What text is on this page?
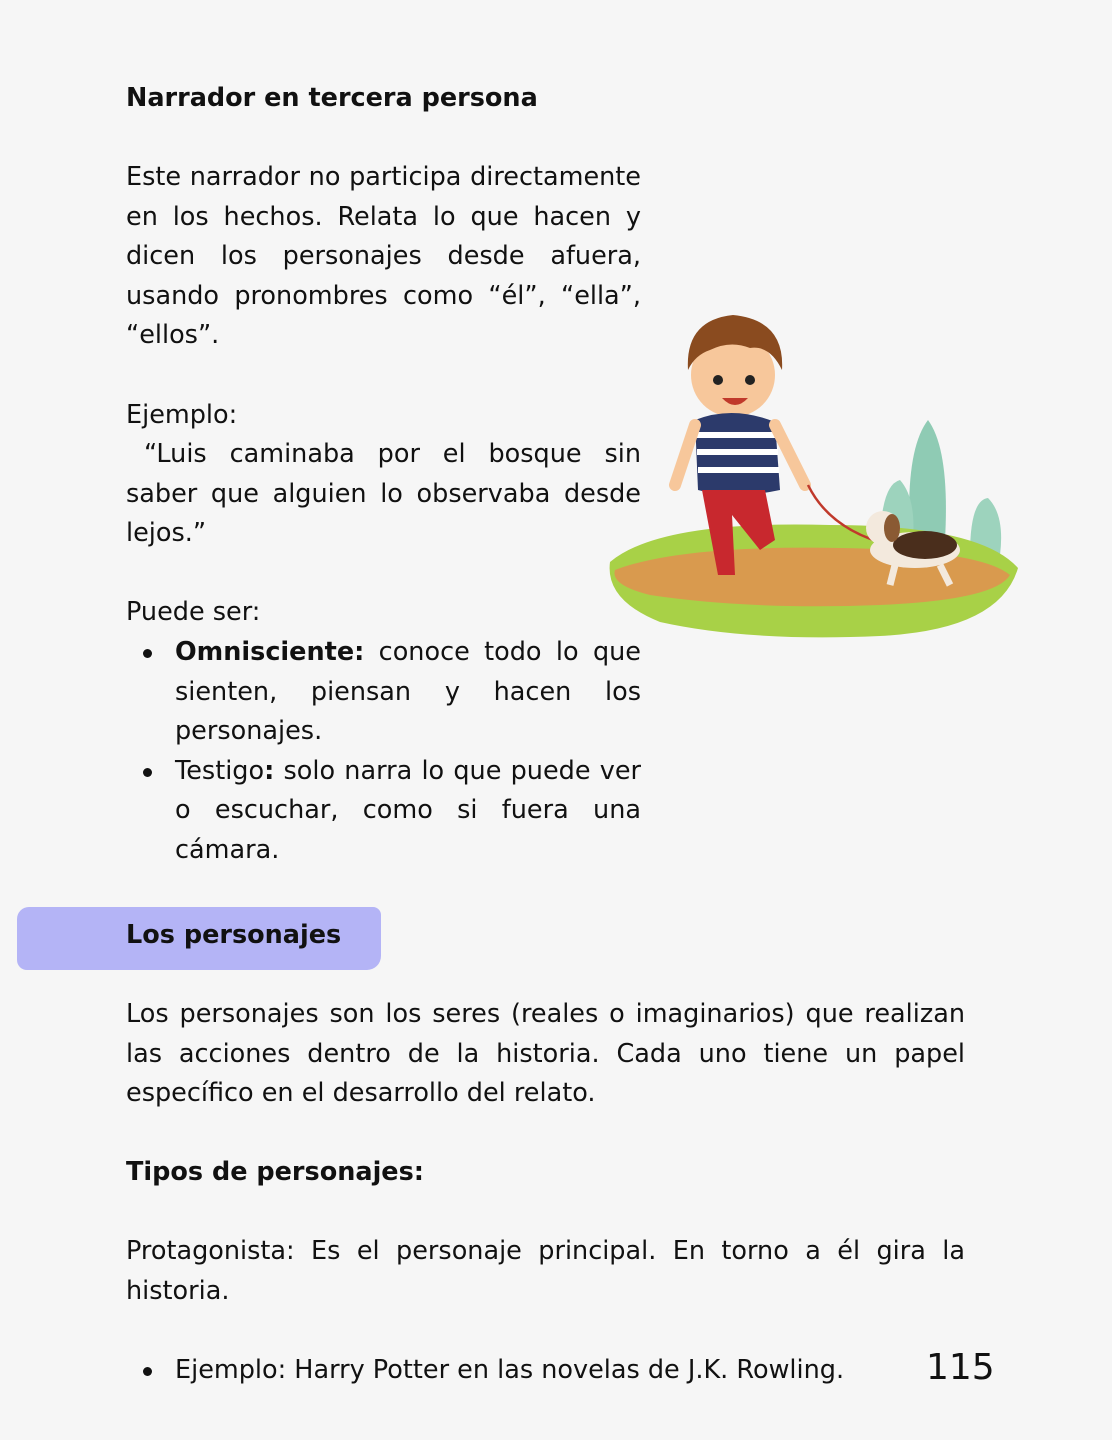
Narrador en tercera persona

Este narrador no participa directamente en los hechos. Relata lo que hacen y dicen los personajes desde afuera, usando pronombres como “él”, “ella”, “ellos”.

Ejemplo:

“Luis caminaba por el bosque sin saber que alguien lo observaba desde lejos.”

Puede ser:

Omnisciente: conoce todo lo que sienten, piensan y hacen los personajes.
Testigo: solo narra lo que puede ver o escuchar, como si fuera una cámara.
Los personajes

Los personajes son los seres (reales o imaginarios) que realizan las acciones dentro de la historia. Cada uno tiene un papel específico en el desarrollo del relato.

Tipos de personajes:

Protagonista: Es el personaje principal. En torno a él gira la historia.

Ejemplo: Harry Potter en las novelas de J.K. Rowling.	115
